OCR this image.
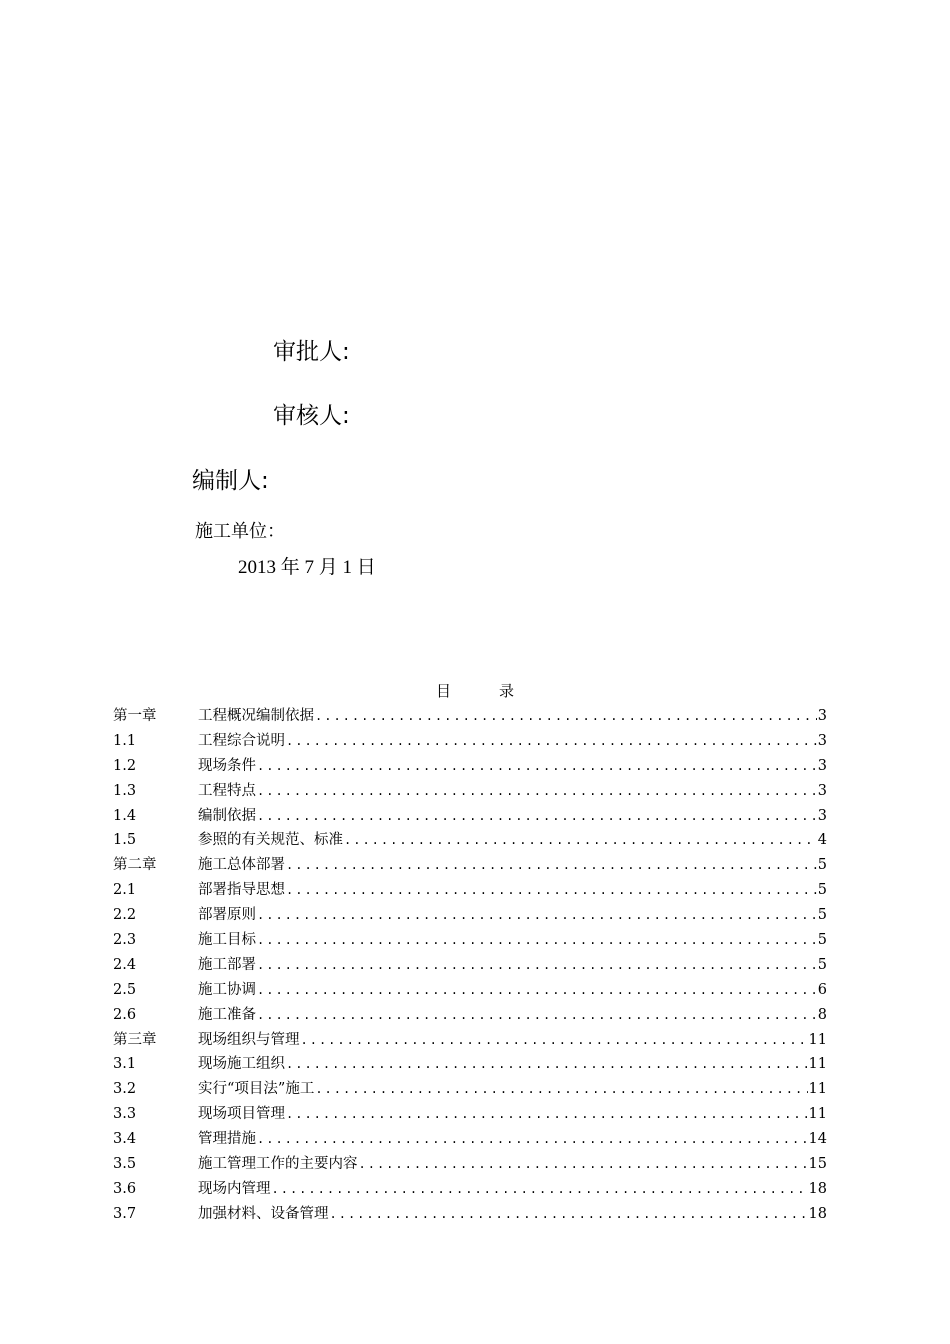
审批人:
审核人:
编制人:
施工单位：
2013 年 7 月 1 日
目录
第一章	工程概况编制依据 .....	3
1.1	工程综合说明 .....	3
1.2	现场条件 .....	3
1.3	工程特点 .....	3
1.4	编制依据 .....	3
1.5	参照的有关规范、标准 .....	4
第二章	施工总体部署 .....	5
2.1	部署指导思想 .....	5
2.2	部署原则 .....	5
2.3	施工目标 .....	5
2.4	施工部署 .....	5
2.5	施工协调 .....	6
2.6	施工准备 .....	8
第三章	现场组织与管理 .....	11
3.1	现场施工组织 .....	11
3.2	实行“项目法”施工 .....	11
3.3	现场项目管理 .....	11
3.4	管理措施 .....	14
3.5	施工管理工作的主要内容 .....	15
3.6	现场内管理 .....	18
3.7	加强材料、设备管理 .....	18
